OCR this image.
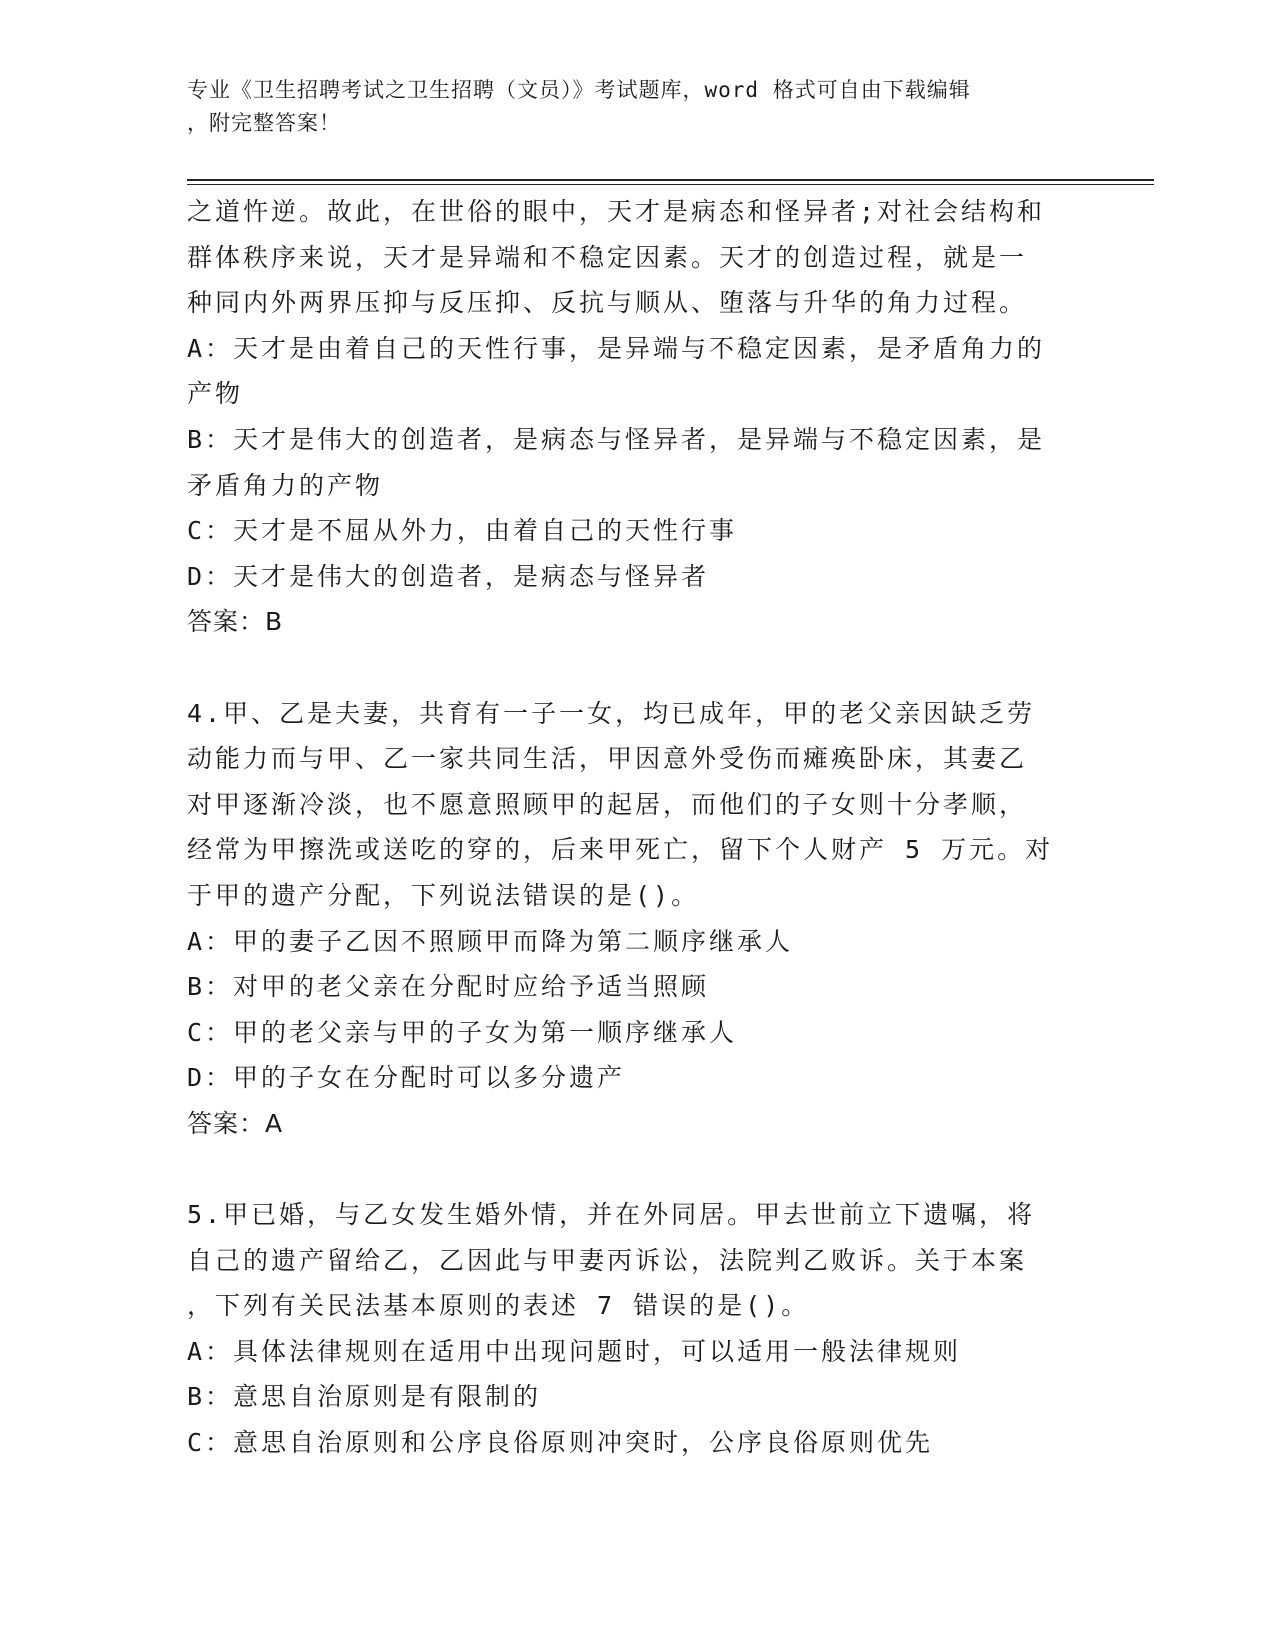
专业《卫生招聘考试之卫生招聘（文员）》考试题库，word 格式可自由下载编辑
，附完整答案！

之道忤逆。故此，在世俗的眼中，天才是病态和怪异者;对社会结构和

群体秩序来说，天才是异端和不稳定因素。天才的创造过程，就是一

种同内外两界压抑与反压抑、反抗与顺从、堕落与升华的角力过程。

A：天才是由着自己的天性行事，是异端与不稳定因素，是矛盾角力的

产物

B：天才是伟大的创造者，是病态与怪异者，是异端与不稳定因素，是

矛盾角力的产物

C：天才是不屈从外力，由着自己的天性行事

D：天才是伟大的创造者，是病态与怪异者

答案：B

4.甲、乙是夫妻，共育有一子一女，均已成年，甲的老父亲因缺乏劳

动能力而与甲、乙一家共同生活，甲因意外受伤而瘫痪卧床，其妻乙

对甲逐渐冷淡，也不愿意照顾甲的起居，而他们的子女则十分孝顺，

经常为甲擦洗或送吃的穿的，后来甲死亡，留下个人财产 5 万元。对

于甲的遗产分配，下列说法错误的是()。

A：甲的妻子乙因不照顾甲而降为第二顺序继承人

B：对甲的老父亲在分配时应给予适当照顾

C：甲的老父亲与甲的子女为第一顺序继承人

D：甲的子女在分配时可以多分遗产

答案：A

5.甲已婚，与乙女发生婚外情，并在外同居。甲去世前立下遗嘱，将

自己的遗产留给乙，乙因此与甲妻丙诉讼，法院判乙败诉。关于本案

，下列有关民法基本原则的表述 7 错误的是()。

A：具体法律规则在适用中出现问题时，可以适用一般法律规则

B：意思自治原则是有限制的

C：意思自治原则和公序良俗原则冲突时，公序良俗原则优先
